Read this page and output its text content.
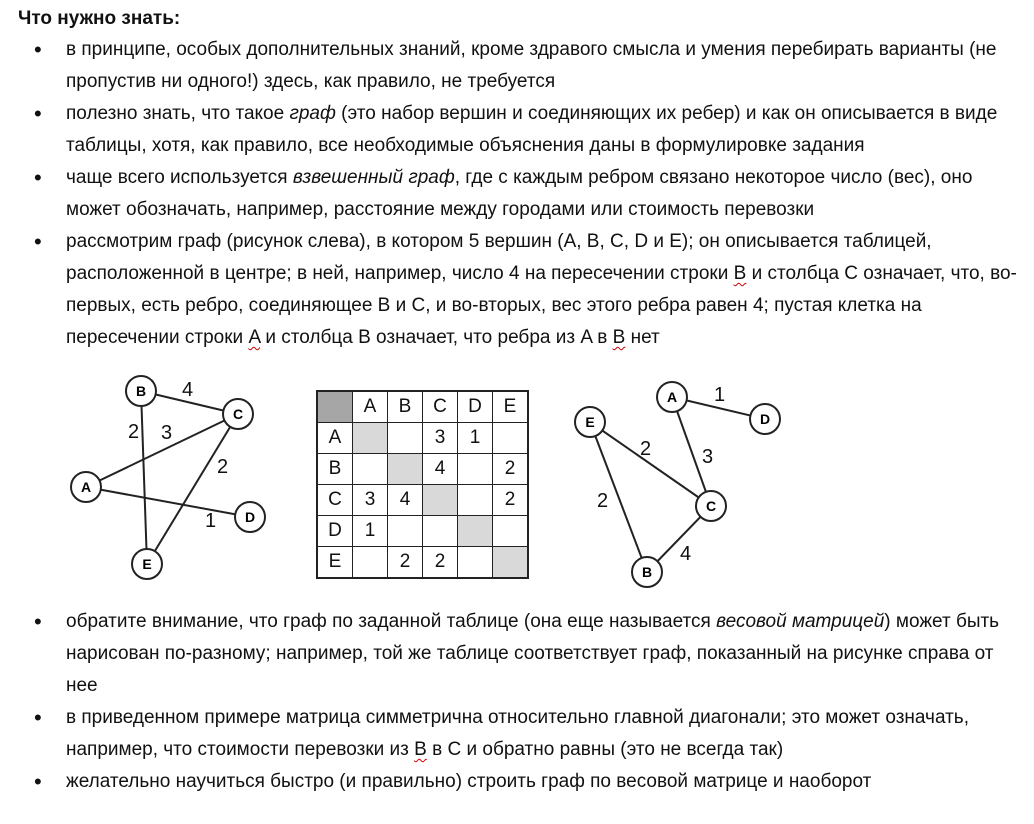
Что нужно знать:
• в принципе, особых дополнительных знаний, кроме здравого смысла и умения перебирать варианты (не пропустив ни одного!) здесь, как правило, не требуется
• полезно знать, что такое граф (это набор вершин и соединяющих их ребер) и как он описывается в виде таблицы, хотя, как правило, все необходимые объяснения даны в формулировке задания
• чаще всего используется взвешенный граф, где с каждым ребром связано некоторое число (вес), оно может обозначать, например, расстояние между городами или стоимость перевозки
• рассмотрим граф (рисунок слева), в котором 5 вершин (A, B, C, D и E); он описывается таблицей, расположенной в центре; в ней, например, число 4 на пересечении строки B и столбца С означает, что, во-первых, есть ребро, соединяющее B и C, и во-вторых, вес этого ребра равен 4; пустая клетка на пересечении строки A и столбца B означает, что ребра из A в B нет
4
2 3
2
1
B
C
A
D
E
1
2	3
2
4
A
D
E
C
B
	A	B	C	D	E
A			3	1	
B			4		2
C	3	4			2
D	1				
E		2	2		
• обратите внимание, что граф по заданной таблице (она еще называется весовой матрицей) может быть нарисован по-разному; например, той же таблице соответствует граф, показанный на рисунке справа от нее
• в приведенном примере матрица симметрична относительно главной диагонали; это может означать, например, что стоимости перевозки из B в C и обратно равны (это не всегда так)
• желательно научиться быстро (и правильно) строить граф по весовой матрице и наоборот
